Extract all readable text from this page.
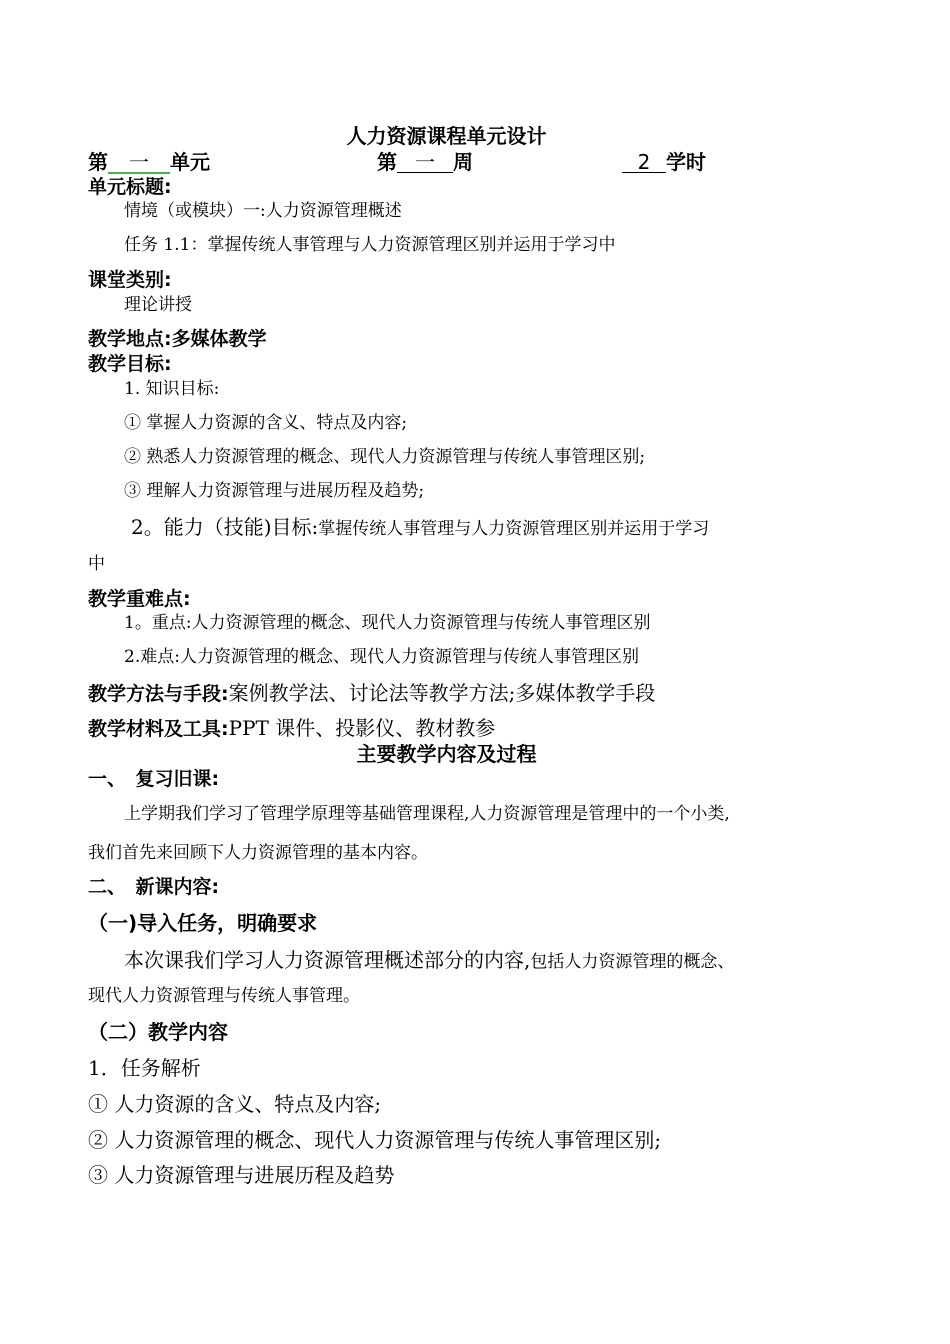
人力资源课程单元设计
第 一 单元	第 一 周	2 学时
单元标题:
情境（或模块）一:人力资源管理概述
任务 1.1：掌握传统人事管理与人力资源管理区别并运用于学习中
课堂类别:
理论讲授
教学地点:多媒体教学
教学目标:
1. 知识目标:
① 掌握人力资源的含义、特点及内容;
② 熟悉人力资源管理的概念、现代人力资源管理与传统人事管理区别;
③ 理解人力资源管理与进展历程及趋势;
2。能力（技能)目标:掌握传统人事管理与人力资源管理区别并运用于学习
中
教学重难点:
1。重点:人力资源管理的概念、现代人力资源管理与传统人事管理区别
2.难点:人力资源管理的概念、现代人力资源管理与传统人事管理区别
教学方法与手段:案例教学法、讨论法等教学方法;多媒体教学手段
教学材料及工具:PPT 课件、投影仪、教材教参
主要教学内容及过程
一、　复习旧课:
上学期我们学习了管理学原理等基础管理课程,人力资源管理是管理中的一个小类,
我们首先来回顾下人力资源管理的基本内容。
二、　新课内容:
（一)导入任务，明确要求
本次课我们学习人力资源管理概述部分的内容,包括人力资源管理的概念、
现代人力资源管理与传统人事管理。
（二）教学内容
1．任务解析
① 人力资源的含义、特点及内容;
② 人力资源管理的概念、现代人力资源管理与传统人事管理区别;
③ 人力资源管理与进展历程及趋势
